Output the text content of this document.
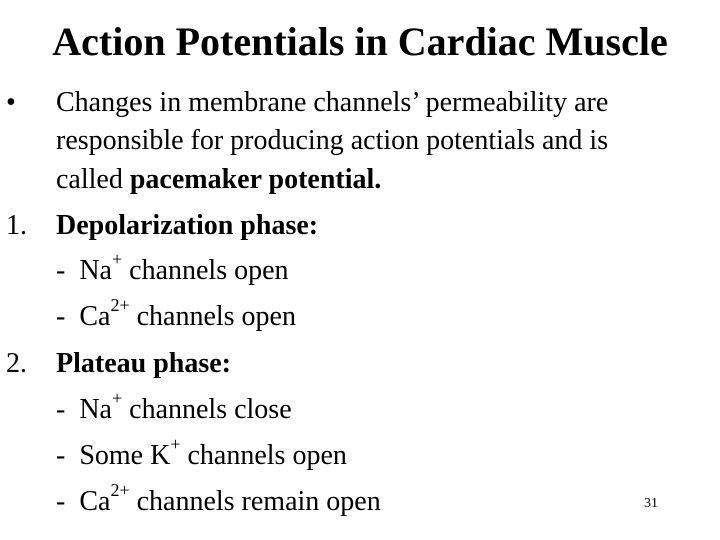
Action Potentials in Cardiac Muscle
• Changes in membrane channels’ permeability are
responsible for producing action potentials and is
called pacemaker potential.
1. Depolarization phase:
- Na+ channels open
- $Ca^{2+}$ channels open
2. Plateau phase:
- Na+ channels close
- Some K+ channels open
- $Ca^{2+}$ channels remain open	31
